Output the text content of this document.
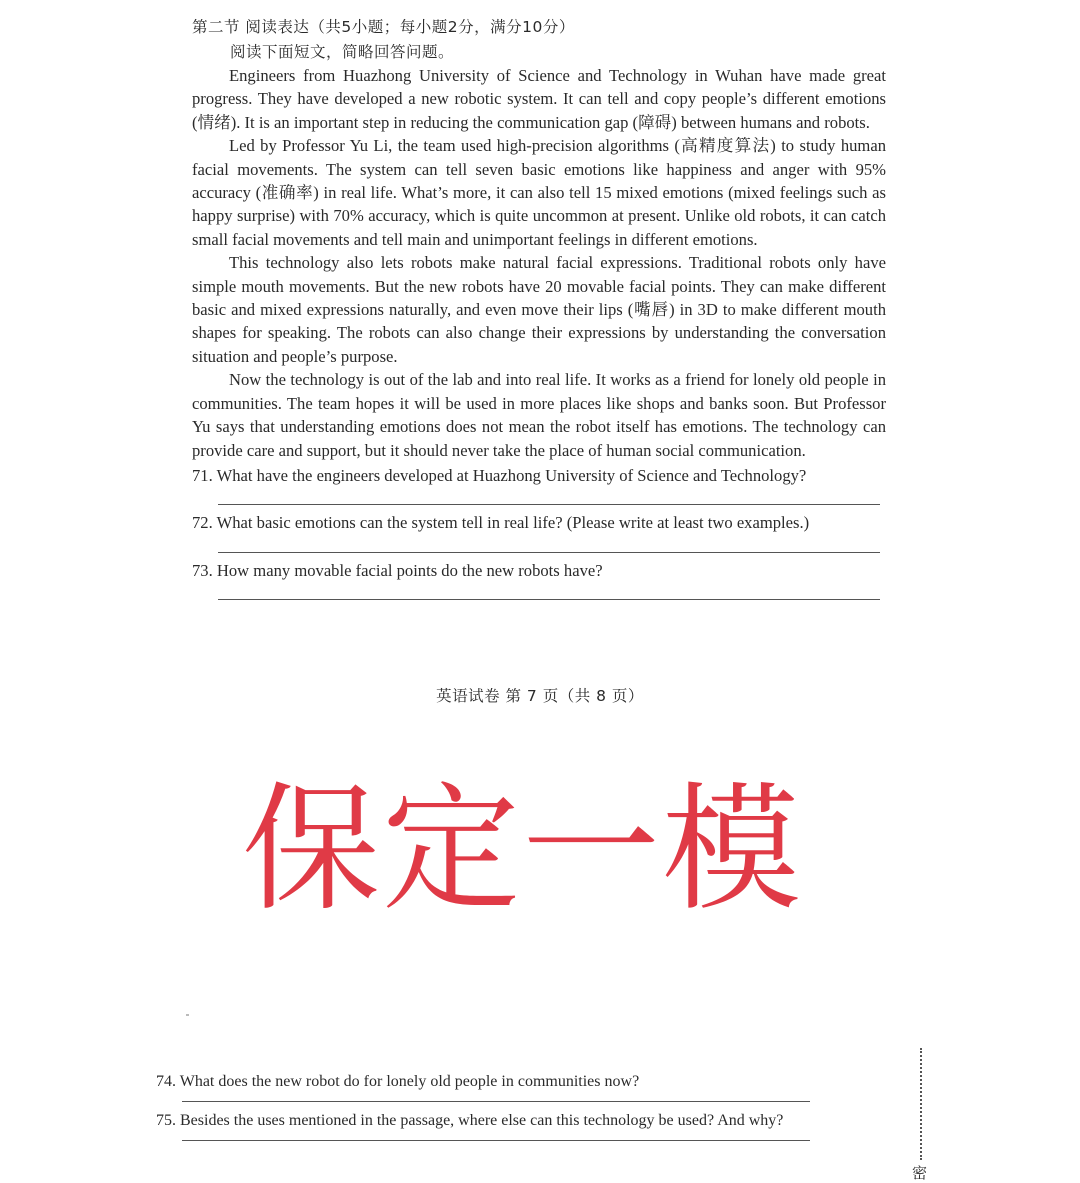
第二节 阅读表达（共5小题；每小题2分，满分10分）

阅读下面短文，简略回答问题。

Engineers from Huazhong University of Science and Technology in Wuhan have made great progress. They have developed a new robotic system. It can tell and copy people’s different emotions (情绪). It is an important step in reducing the communication gap (障碍) between humans and robots.

Led by Professor Yu Li, the team used high-precision algorithms (高精度算法) to study human facial movements. The system can tell seven basic emotions like happiness and anger with 95% accuracy (准确率) in real life. What’s more, it can also tell 15 mixed emotions (mixed feelings such as happy surprise) with 70% accuracy, which is quite uncommon at present. Unlike old robots, it can catch small facial movements and tell main and unimportant feelings in different emotions.

This technology also lets robots make natural facial expressions. Traditional robots only have simple mouth movements. But the new robots have 20 movable facial points. They can make different basic and mixed expressions naturally, and even move their lips (嘴唇) in 3D to make different mouth shapes for speaking. The robots can also change their expressions by understanding the conversation situation and people’s purpose.

Now the technology is out of the lab and into real life. It works as a friend for lonely old people in communities. The team hopes it will be used in more places like shops and banks soon. But Professor Yu says that understanding emotions does not mean the robot itself has emotions. The technology can provide care and support, but it should never take the place of human social communication.

71. What have the engineers developed at Huazhong University of Science and Technology?

72. What basic emotions can the system tell in real life? (Please write at least two examples.)

73. How many movable facial points do the new robots have?

英语试卷 第 7 页（共 8 页）
保定一模

74. What does the new robot do for lonely old people in communities now?

75. Besides the uses mentioned in the passage, where else can this technology be used? And why?

密
